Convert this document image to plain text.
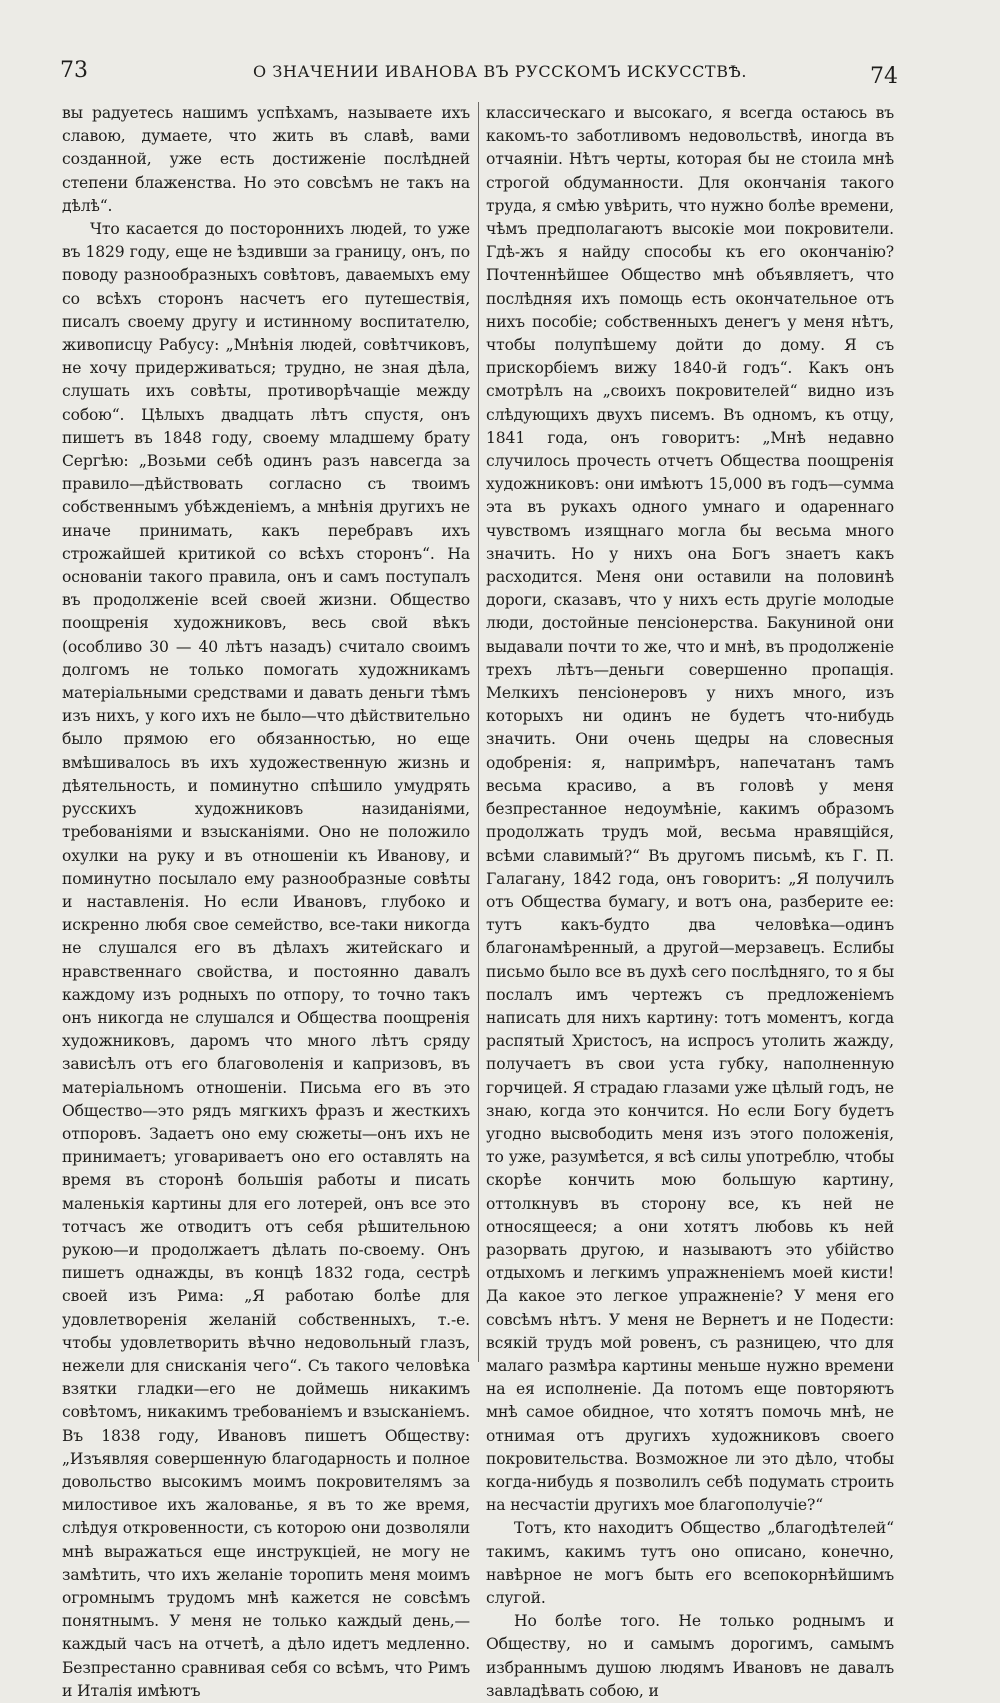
73	О ЗНАЧЕНИИ ИВАНОВА ВЪ РУССКОМЪ ИСКУССТВѢ.	74

вы радуетесь нашимъ успѣхамъ, называете ихъ славою, думаете, что жить въ славѣ, вами созданной, уже есть достиженіе послѣдней степени блаженства. Но это совсѣмъ не такъ на дѣлѣ“.

Что касается до постороннихъ людей, то уже въ 1829 году, еще не ѣздивши за границу, онъ, по поводу разнообразныхъ совѣтовъ, даваемыхъ ему со всѣхъ сторонъ насчетъ его путешествія, писалъ своему другу и истинному воспитателю, живописцу Рабусу: „Мнѣнія людей, совѣтчиковъ, не хочу придерживаться; трудно, не зная дѣла, слушать ихъ совѣты, противорѣчащіе между собою“. Цѣлыхъ двадцать лѣтъ спустя, онъ пишетъ въ 1848 году, своему младшему брату Сергѣю: „Возьми себѣ одинъ разъ навсегда за правило—дѣйствовать согласно съ твоимъ собственнымъ убѣжденіемъ, а мнѣнія другихъ не иначе принимать, какъ перебравъ ихъ строжайшей критикой со всѣхъ сторонъ“. На основаніи такого правила, онъ и самъ поступалъ въ продолженіе всей своей жизни. Общество поощренія художниковъ, весь свой вѣкъ (особливо 30 — 40 лѣтъ назадъ) считало своимъ долгомъ не только помогать художникамъ матеріальными средствами и давать деньги тѣмъ изъ нихъ, у кого ихъ не было—что дѣйствительно было прямою его обязанностью, но еще вмѣшивалось въ ихъ художественную жизнь и дѣятельность, и поминутно спѣшило умудрять русскихъ художниковъ назиданіями, требованіями и взысканіями. Оно не положило охулки на руку и въ отношеніи къ Иванову, и поминутно посылало ему разнообразные совѣты и наставленія. Но если Ивановъ, глубоко и искренно любя свое семейство, все-таки никогда не слушался его въ дѣлахъ житейскаго и нравственнаго свойства, и постоянно давалъ каждому изъ родныхъ по отпору, то точно такъ онъ никогда не слушался и Общества поощренія художниковъ, даромъ что много лѣтъ сряду зависѣлъ отъ его благоволенія и капризовъ, въ матеріальномъ отношеніи. Письма его въ это Общество—это рядъ мягкихъ фразъ и жесткихъ отпоровъ. Задаетъ оно ему сюжеты—онъ ихъ не принимаетъ; уговариваетъ оно его оставлять на время въ сторонѣ большія работы и писать маленькія картины для его лотерей, онъ все это тотчасъ же отводитъ отъ себя рѣшительною рукою—и продолжаетъ дѣлать по-своему. Онъ пишетъ однажды, въ концѣ 1832 года, сестрѣ своей изъ Рима: „Я работаю болѣе для удовлетворенія желаній собственныхъ, т.-е. чтобы удовлетворить вѣчно недовольный глазъ, нежели для снисканія чего“. Съ такого человѣка взятки гладки—его не доймешь никакимъ совѣтомъ, никакимъ требованіемъ и взысканіемъ. Въ 1838 году, Ивановъ пишетъ Обществу: „Изъявляя совершенную благодарность и полное довольство высокимъ моимъ покровителямъ за милостивое ихъ жалованье, я въ то же время, слѣдуя откровенности, съ которою они дозволяли мнѣ выражаться еще инструкціей, не могу не замѣтить, что ихъ желаніе торопить меня моимъ огромнымъ трудомъ мнѣ кажется не совсѣмъ понятнымъ. У меня не только каждый день,—каждый часъ на отчетѣ, а дѣло идетъ медленно. Безпрестанно сравнивая себя со всѣмъ, что Римъ и Италія имѣютъ

классическаго и высокаго, я всегда остаюсь въ какомъ-то заботливомъ недовольствѣ, иногда въ отчаяніи. Нѣтъ черты, которая бы не стоила мнѣ строгой обдуманности. Для окончанія такого труда, я смѣю увѣрить, что нужно болѣе времени, чѣмъ предполагаютъ высокіе мои покровители. Гдѣ-жъ я найду способы къ его окончанію? Почтеннѣйшее Общество мнѣ объявляетъ, что послѣдняя ихъ помощь есть окончательное отъ нихъ пособіе; собственныхъ денегъ у меня нѣтъ, чтобы полупѣшему дойти до дому. Я съ прискорбіемъ вижу 1840-й годъ“. Какъ онъ смотрѣлъ на „своихъ покровителей“ видно изъ слѣдующихъ двухъ писемъ. Въ одномъ, къ отцу, 1841 года, онъ говоритъ: „Мнѣ недавно случилось прочесть отчетъ Общества поощренія художниковъ: они имѣютъ 15,000 въ годъ—сумма эта въ рукахъ одного умнаго и одареннаго чувствомъ изящнаго могла бы весьма много значить. Но у нихъ она Богъ знаетъ какъ расходится. Меня они оставили на половинѣ дороги, сказавъ, что у нихъ есть другіе молодые люди, достойные пенсіонерства. Бакуниной они выдавали почти то же, что и мнѣ, въ продолженіе трехъ лѣтъ—деньги совершенно пропащія. Мелкихъ пенсіонеровъ у нихъ много, изъ которыхъ ни одинъ не будетъ что-нибудь значить. Они очень щедры на словесныя одобренія: я, напримѣръ, напечатанъ тамъ весьма красиво, а въ головѣ у меня безпрестанное недоумѣніе, какимъ образомъ продолжать трудъ мой, весьма нравящійся, всѣми славимый?“ Въ другомъ письмѣ, къ Г. П. Галагану, 1842 года, онъ говоритъ: „Я получилъ отъ Общества бумагу, и вотъ она, разберите ее: тутъ какъ-будто два человѣка—одинъ благонамѣренный, а другой—мерзавецъ. Еслибы письмо было все въ духѣ сего послѣдняго, то я бы послалъ имъ чертежъ съ предложеніемъ написать для нихъ картину: тотъ моментъ, когда распятый Христосъ, на испросъ утолить жажду, получаетъ въ свои уста губку, наполненную горчицей. Я страдаю глазами уже цѣлый годъ, не знаю, когда это кончится. Но если Богу будетъ угодно высвободить меня изъ этого положенія, то уже, разумѣется, я всѣ силы употреблю, чтобы скорѣе кончить мою большую картину, оттолкнувъ въ сторону все, къ ней не относящееся; а они хотятъ любовь къ ней разорвать другою, и называютъ это убійство отдыхомъ и легкимъ упражненіемъ моей кисти! Да какое это легкое упражненіе? У меня его совсѣмъ нѣтъ. У меня не Вернетъ и не Подести: всякій трудъ мой ровенъ, съ разницею, что для малаго размѣра картины меньше нужно времени на ея исполненіе. Да потомъ еще повторяютъ мнѣ самое обидное, что хотятъ помочь мнѣ, не отнимая отъ другихъ художниковъ своего покровительства. Возможное ли это дѣло, чтобы когда-нибудь я позволилъ себѣ подумать строить на несчастіи другихъ мое благополучіе?“

Тотъ, кто находитъ Общество „благодѣтелей“ такимъ, какимъ тутъ оно описано, конечно, навѣрное не могъ быть его всепокорнѣйшимъ слугой.

Но болѣе того. Не только роднымъ и Обществу, но и самымъ дорогимъ, самымъ избраннымъ душою людямъ Ивановъ не давалъ завладѣвать собою, и
